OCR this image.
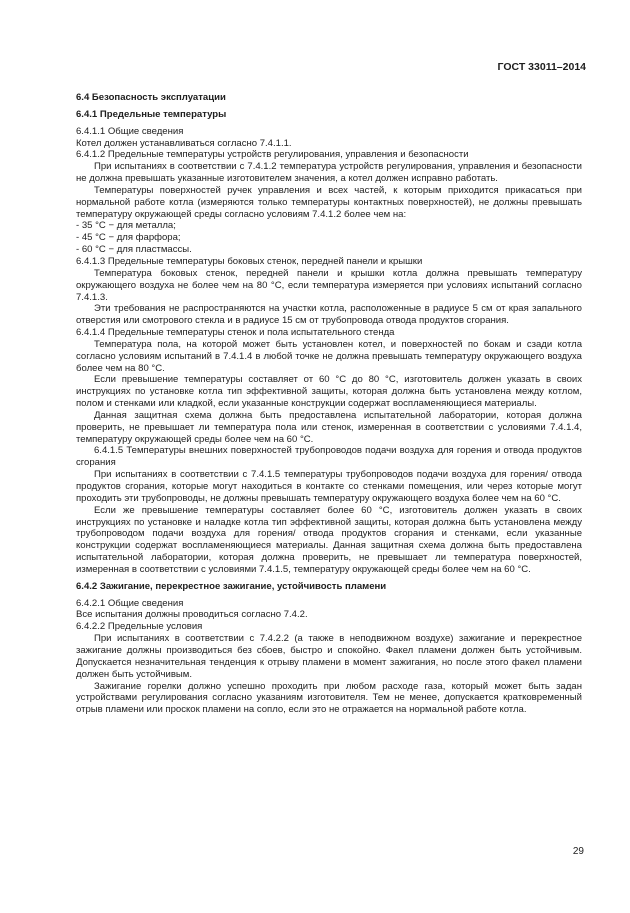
ГОСТ 33011–2014

6.4 Безопасность эксплуатации

6.4.1 Предельные температуры

6.4.1.1 Общие сведения

Котел должен устанавливаться согласно 7.4.1.1.

6.4.1.2 Предельные температуры устройств регулирования, управления и безопасности

При испытаниях в соответствии с 7.4.1.2 температура устройств регулирования, управления и безопасности не должна превышать указанные изготовителем значения, а котел должен исправно работать.

Температуры поверхностей ручек управления и всех частей, к которым приходится прикасаться при нормальной работе котла (измеряются только температуры контактных поверхностей), не должны превышать температуру окружающей среды согласно условиям 7.4.1.2 более чем на:

- 35 °C − для металла;

- 45 °C − для фарфора;

- 60 °C − для пластмассы.

6.4.1.3 Предельные температуры боковых стенок, передней панели и крышки

Температура боковых стенок, передней панели и крышки котла должна превышать температуру окружающего воздуха не более чем на 80 °C, если температура измеряется при условиях испытаний согласно 7.4.1.3.

Эти требования не распространяются на участки котла, расположенные в радиусе 5 см от края запального отверстия или смотрового стекла и в радиусе 15 см от трубопровода отвода продуктов сгорания.

6.4.1.4 Предельные температуры стенок и пола испытательного стенда

Температура пола, на которой может быть установлен котел, и поверхностей по бокам и сзади котла согласно условиям испытаний в 7.4.1.4 в любой точке не должна превышать температуру окружающего воздуха более чем на 80 °C.

Если превышение температуры составляет от 60 °C до 80 °C, изготовитель должен указать в своих инструкциях по установке котла тип эффективной защиты, которая должна быть установлена между котлом, полом и стенками или кладкой, если указанные конструкции содержат воспламеняющиеся материалы.

Данная защитная схема должна быть предоставлена испытательной лаборатории, которая должна проверить, не превышает ли температура пола или стенок, измеренная в соответствии с условиями 7.4.1.4, температуру окружающей среды более чем на 60 °C.

6.4.1.5 Температуры внешних поверхностей трубопроводов подачи воздуха для горения и отвода продуктов сгорания

При испытаниях в соответствии с 7.4.1.5 температуры трубопроводов подачи воздуха для горения/ отвода продуктов сгорания, которые могут находиться в контакте со стенками помещения, или через которые могут проходить эти трубопроводы, не должны превышать температуру окружающего воздуха более чем на 60 °C.

Если же превышение температуры составляет более 60 °C, изготовитель должен указать в своих инструкциях по установке и наладке котла тип эффективной защиты, которая должна быть установлена между трубопроводом подачи воздуха для горения/ отвода продуктов сгорания и стенками, если указанные конструкции содержат воспламеняющиеся материалы. Данная защитная схема должна быть предоставлена испытательной лаборатории, которая должна проверить, не превышает ли температура поверхностей, измеренная в соответствии с условиями 7.4.1.5, температуру окружающей среды более чем на 60 °C.

6.4.2 Зажигание, перекрестное зажигание, устойчивость пламени

6.4.2.1 Общие сведения

Все испытания должны проводиться согласно 7.4.2.

6.4.2.2 Предельные условия

При испытаниях в соответствии с 7.4.2.2 (а также в неподвижном воздухе) зажигание и перекрестное зажигание должны производиться без сбоев, быстро и спокойно. Факел пламени должен быть устойчивым. Допускается незначительная тенденция к отрыву пламени в момент зажигания, но после этого факел пламени должен быть устойчивым.

Зажигание горелки должно успешно проходить при любом расходе газа, который может быть задан устройствами регулирования согласно указаниям изготовителя. Тем не менее, допускается кратковременный отрыв пламени или проскок пламени на сопло, если это не отражается на нормальной работе котла.

29
